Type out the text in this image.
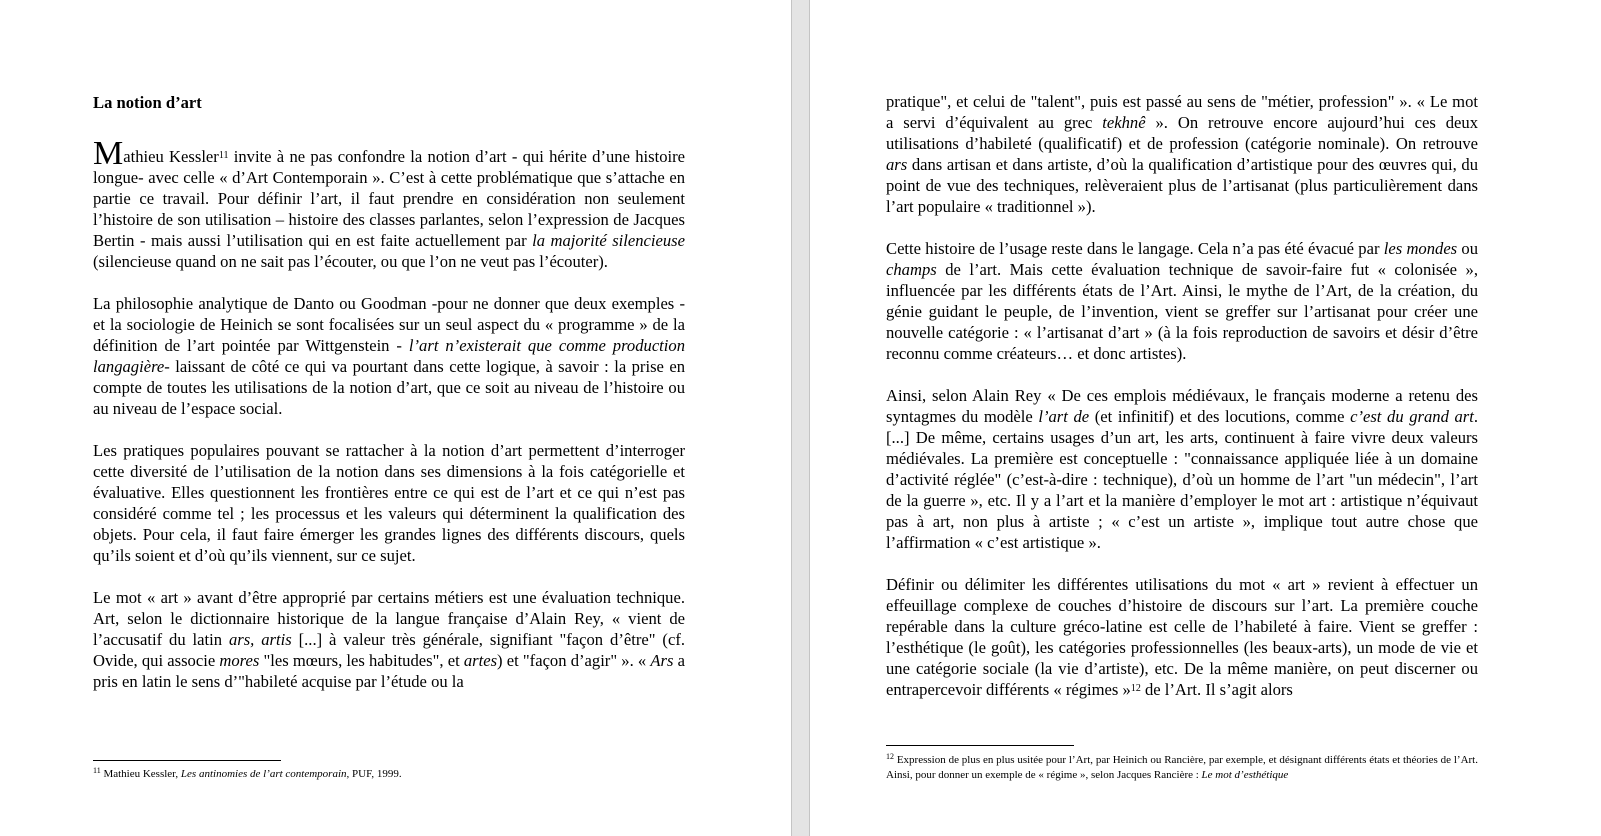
La notion d’art

Mathieu Kessler$^{11}$ invite à ne pas confondre la notion d’art - qui hérite d’une histoire longue- avec celle « d’Art Contemporain ». C’est à cette problématique que s’attache en partie ce travail. Pour définir l’art, il faut prendre en considération non seulement l’histoire de son utilisation – histoire des classes parlantes, selon l’expression de Jacques Bertin - mais aussi l’utilisation qui en est faite actuellement par la majorité silencieuse (silencieuse quand on ne sait pas l’écouter, ou que l’on ne veut pas l’écouter).

La philosophie analytique de Danto ou Goodman -pour ne donner que deux exemples - et la sociologie de Heinich se sont focalisées sur un seul aspect du « programme » de la définition de l’art pointée par Wittgenstein - l’art n’existerait que comme production langagière- laissant de côté ce qui va pourtant dans cette logique, à savoir : la prise en compte de toutes les utilisations de la notion d’art, que ce soit au niveau de l’histoire ou au niveau de l’espace social.

Les pratiques populaires pouvant se rattacher à la notion d’art permettent d’interroger cette diversité de l’utilisation de la notion dans ses dimensions à la fois catégorielle et évaluative. Elles questionnent les frontières entre ce qui est de l’art et ce qui n’est pas considéré comme tel ; les processus et les valeurs qui déterminent la qualification des objets. Pour cela, il faut faire émerger les grandes lignes des différents discours, quels qu’ils soient et d’où qu’ils viennent, sur ce sujet.

Le mot « art » avant d’être approprié par certains métiers est une évaluation technique. Art, selon le dictionnaire historique de la langue française d’Alain Rey, « vient de l’accusatif du latin ars, artis [...] à valeur très générale, signifiant "façon d’être" (cf. Ovide, qui associe mores "les mœurs, les habitudes", et artes) et "façon d’agir" ». « Ars a pris en latin le sens d’"habileté acquise par l’étude ou la

$^{11}$ Mathieu Kessler, Les antinomies de l’art contemporain, PUF, 1999.

pratique", et celui de "talent", puis est passé au sens de "métier, profession" ». « Le mot a servi d’équivalent au grec tekhnê ». On retrouve encore aujourd’hui ces deux utilisations d’habileté (qualificatif) et de profession (catégorie nominale). On retrouve ars dans artisan et dans artiste, d’où la qualification d’artistique pour des œuvres qui, du point de vue des techniques, relèveraient plus de l’artisanat (plus particulièrement dans l’art populaire « traditionnel »).

Cette histoire de l’usage reste dans le langage. Cela n’a pas été évacué par les mondes ou champs de l’art. Mais cette évaluation technique de savoir-faire fut « colonisée », influencée par les différents états de l’Art. Ainsi, le mythe de l’Art, de la création, du génie guidant le peuple, de l’invention, vient se greffer sur l’artisanat pour créer une nouvelle catégorie : « l’artisanat d’art » (à la fois reproduction de savoirs et désir d’être reconnu comme créateurs… et donc artistes).

Ainsi, selon Alain Rey « De ces emplois médiévaux, le français moderne a retenu des syntagmes du modèle l’art de (et infinitif) et des locutions, comme c’est du grand art. [...] De même, certains usages d’un art, les arts, continuent à faire vivre deux valeurs médiévales. La première est conceptuelle : "connaissance appliquée liée à un domaine d’activité réglée" (c’est-à-dire : technique), d’où un homme de l’art "un médecin", l’art de la guerre », etc. Il y a l’art et la manière d’employer le mot art : artistique n’équivaut pas à art, non plus à artiste ; « c’est un artiste », implique tout autre chose que l’affirmation « c’est artistique ».

Définir ou délimiter les différentes utilisations du mot « art » revient à effectuer un effeuillage complexe de couches d’histoire de discours sur l’art. La première couche repérable dans la culture gréco-latine est celle de l’habileté à faire. Vient se greffer : l’esthétique (le goût), les catégories professionnelles (les beaux-arts), un mode de vie et une catégorie sociale (la vie d’artiste), etc. De la même manière, on peut discerner ou entrapercevoir différents « régimes »$^{12}$ de l’Art. Il s’agit alors

$^{12}$ Expression de plus en plus usitée pour l’Art, par Heinich ou Rancière, par exemple, et désignant différents états et théories de l’Art. Ainsi, pour donner un exemple de « régime », selon Jacques Rancière : Le mot d’esthétique
